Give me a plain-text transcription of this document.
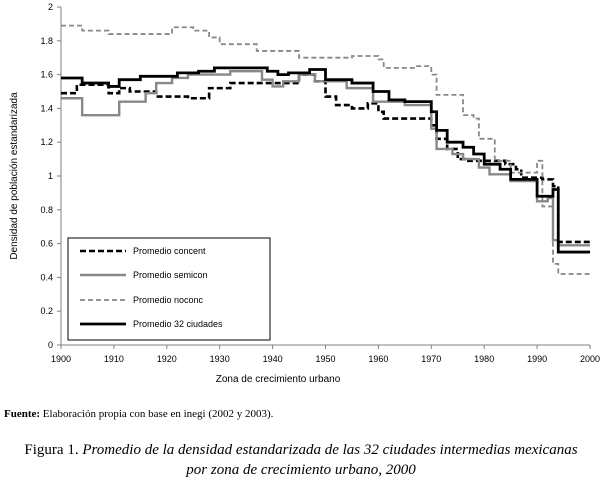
0
0.2
0.4
0.6
0.8
1
1.2
1.4
1.6
1.8
2
1900	1910	1920	1930	1940	1950	1960	1970	1980	1990	2000
Promedio concent
Promedio semicon
Promedio noconc
Promedio 32 ciudades
Densidad de población estandarizada
Zona de crecimiento urbano
Fuente: Elaboración propia con base en inegi (2002 y 2003).
Figura 1. Promedio de la densidad estandarizada de las 32 ciudades intermedias mexicanas
por zona de crecimiento urbano, 2000
